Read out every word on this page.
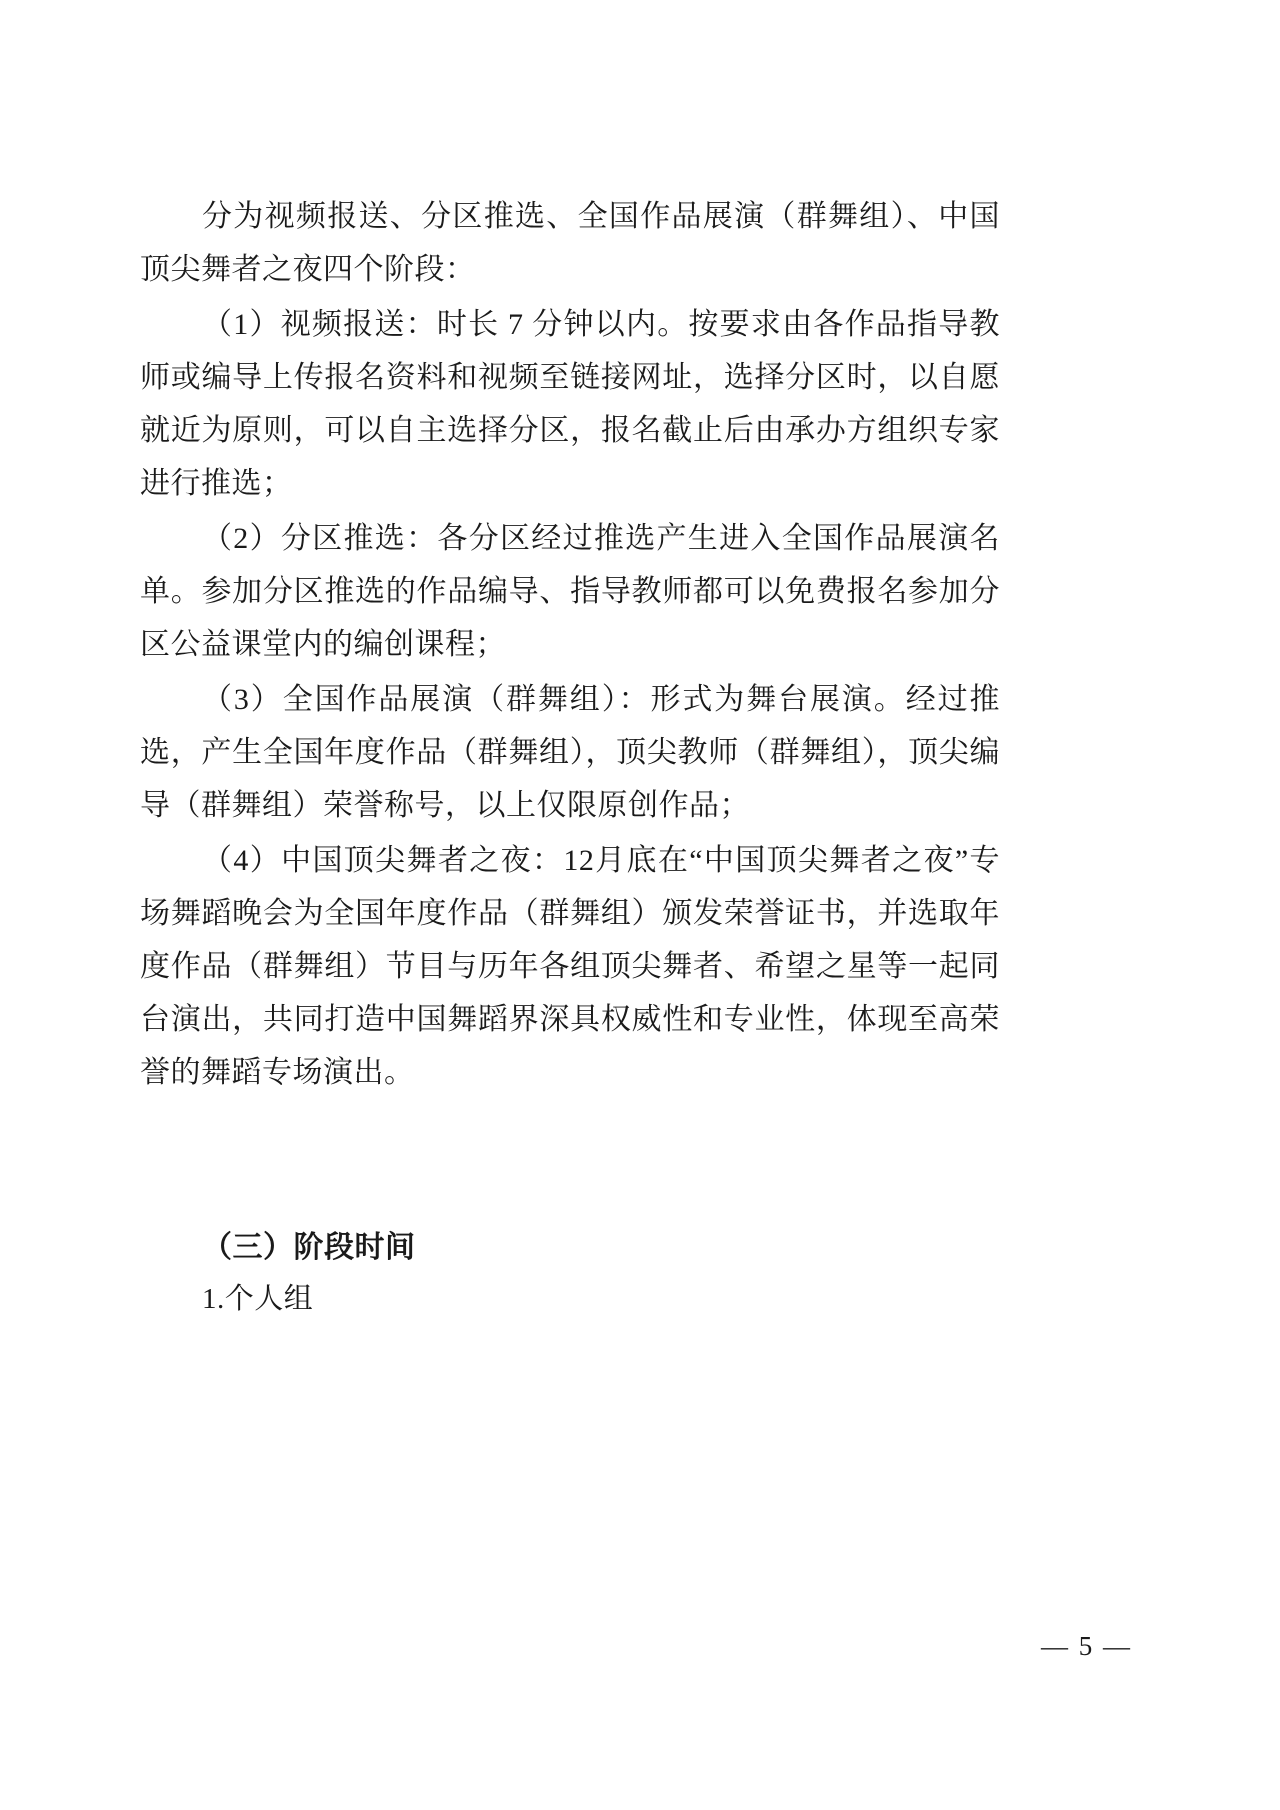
分为视频报送、分区推选、全国作品展演（群舞组）、中国顶尖舞者之夜四个阶段：

（1）视频报送：时长 7 分钟以内。按要求由各作品指导教师或编导上传报名资料和视频至链接网址，选择分区时，以自愿就近为原则，可以自主选择分区，报名截止后由承办方组织专家进行推选；

（2）分区推选：各分区经过推选产生进入全国作品展演名单。参加分区推选的作品编导、指导教师都可以免费报名参加分区公益课堂内的编创课程；

（3）全国作品展演（群舞组）：形式为舞台展演。经过推选，产生全国年度作品（群舞组），顶尖教师（群舞组），顶尖编导（群舞组）荣誉称号，以上仅限原创作品；

（4）中国顶尖舞者之夜：12月底在“中国顶尖舞者之夜”专场舞蹈晚会为全国年度作品（群舞组）颁发荣誉证书，并选取年度作品（群舞组）节目与历年各组顶尖舞者、希望之星等一起同台演出，共同打造中国舞蹈界深具权威性和专业性，体现至高荣誉的舞蹈专场演出。

（三）阶段时间

1.个人组

— 5 —
